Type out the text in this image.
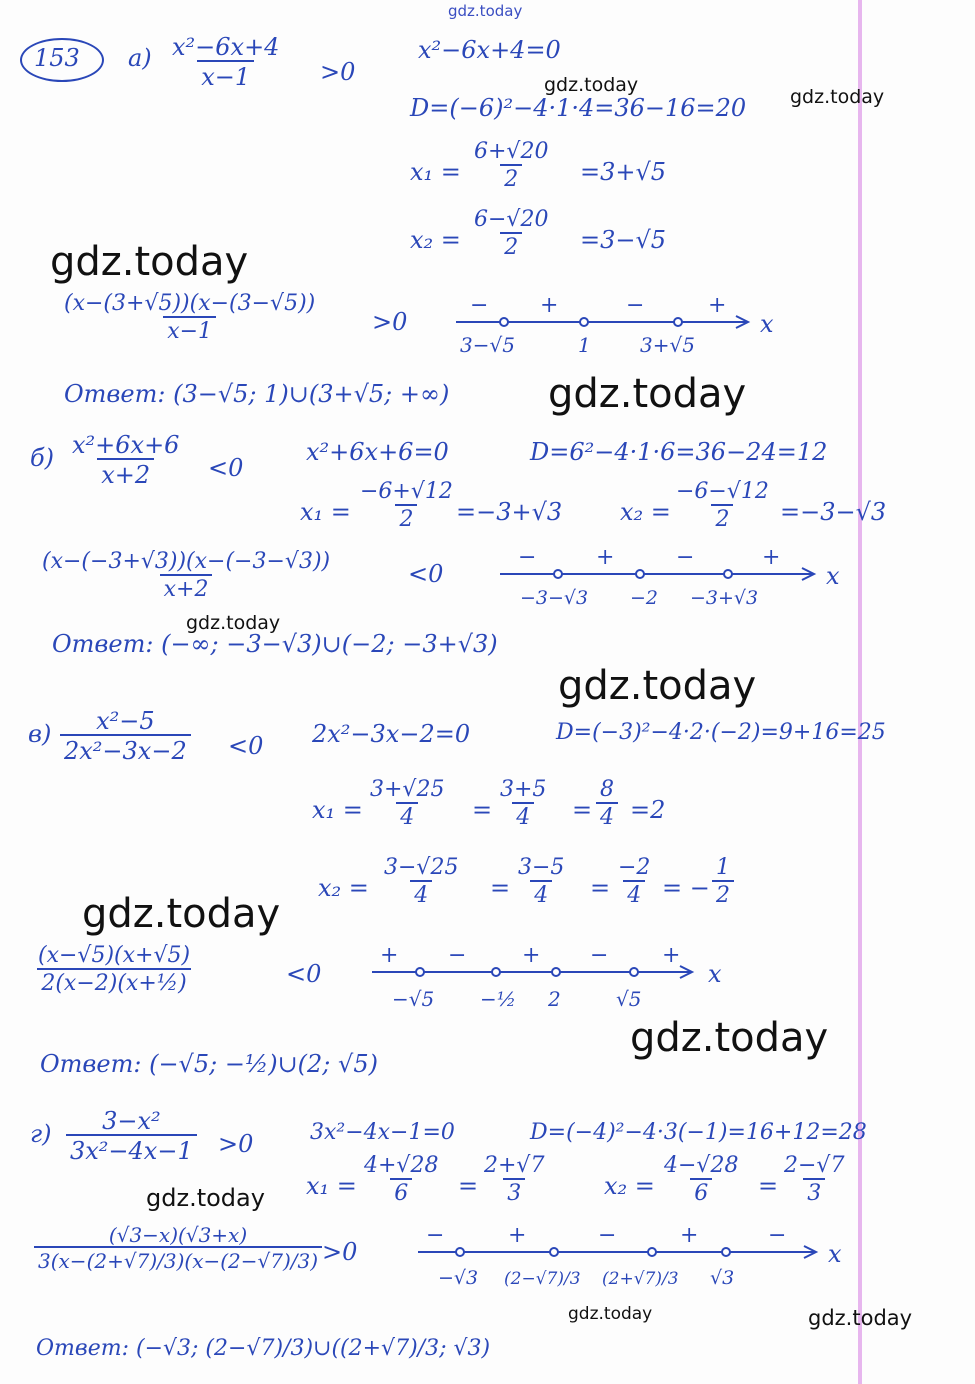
gdz.today
gdz.today
gdz.today
gdz.today
gdz.today
gdz.today
gdz.today
gdz.today
gdz.today
gdz.today
gdz.today	gdz.today
153 $а) \frac{\text{x²−6x+4}}{x-1} >0$
x²−6x+4=0
D=(−6)²−4·1·4=36−16=20
$x_1 = \frac{6+√20}{2} =3+√5$
$x_2 = \frac{6-√20}{2} =3-√5$
$\frac{(x-(3+√5))(x-(3-√5))}{x-1} >0$
− +	−	+
3−√5	1 3+√5
x
Ответ: (3−√5; 1)∪(3+√5; +∞)
$б) \frac{\text{x²+6x+6}}{x+2} <0$
x²+6x+6=0	D=6²−4·1·6=36−24=12
$x_1 = \frac{-6+√12}{2} =-3+√3$ $x_2 = \frac{-6-√12}{2} =-3-√3$
$\frac{(x-(-3+√3))(x-(-3-√3))}{x+2}$	<0
−	+	−	+
−3−√3 −2 −3+√3
x
Ответ: (−∞; −3−√3)∪(−2; −3+√3)
$в) \frac{\text{x²−5}}{\text{2x²−3x−2}} <0$ 2x²−3x−2=0	D=(−3)²−4·2·(−2)=9+16=25
$x_1 = \frac{3+√25}{4} = \frac{3+5}{4} = \frac{8}{4} =2$
$x_2 = \frac{3-√25}{4} = \frac{3-5}{4} = \frac{-2}{4}$ = − $\frac{1}{2}$
$\frac{(x-√5)(x+√5)}{\text{2(x−2)(x+½)}}$	<0
+ −	+ − +
−√5 −½ 2	√5
x
Ответ: (−√5; −½)∪(2; √5)
$г) \frac{\text{3−x²}}{\text{3x²−4x−1}} >0$	3x²−4x−1=0	D=(−4)²−4·3(−1)=16+12=28
$x_1 = \frac{4+√28}{6} = \frac{2+√7}{3} x_2 = \frac{4-√28}{6} = \frac{2-√7}{3}$
$\frac{(√3-x)(√3+x)}{3(x-(2+√7)/3)(x-(2-√7)/3)} >0$
−	+	−	+	−
−√3 (2−√7)/3 (2+√7)/3 √3
x
Ответ: (−√3; (2−√7)/3)∪((2+√7)/3; √3)
